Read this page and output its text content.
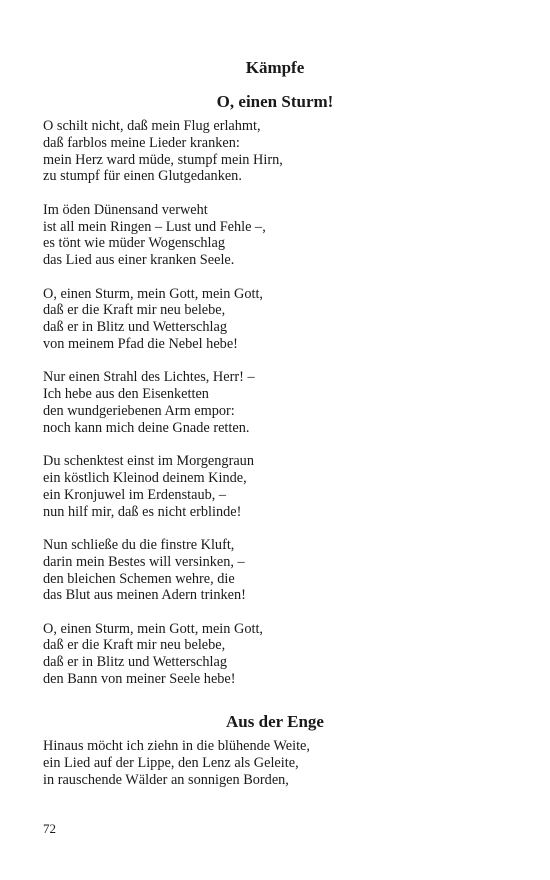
Kämpfe
O, einen Sturm!

O schilt nicht, daß mein Flug erlahmt,
daß farblos meine Lieder kranken:
mein Herz ward müde, stumpf mein Hirn,
zu stumpf für einen Glutgedanken.

Im öden Dünensand verweht
ist all mein Ringen – Lust und Fehle –,
es tönt wie müder Wogenschlag
das Lied aus einer kranken Seele.

O, einen Sturm, mein Gott, mein Gott,
daß er die Kraft mir neu belebe,
daß er in Blitz und Wetterschlag
von meinem Pfad die Nebel hebe!

Nur einen Strahl des Lichtes, Herr! –
Ich hebe aus den Eisenketten
den wundgeriebenen Arm empor:
noch kann mich deine Gnade retten.

Du schenktest einst im Morgengraun
ein köstlich Kleinod deinem Kinde,
ein Kronjuwel im Erdenstaub, –
nun hilf mir, daß es nicht erblinde!

Nun schließe du die finstre Kluft,
darin mein Bestes will versinken, –
den bleichen Schemen wehre, die
das Blut aus meinen Adern trinken!

O, einen Sturm, mein Gott, mein Gott,
daß er die Kraft mir neu belebe,
daß er in Blitz und Wetterschlag
den Bann von meiner Seele hebe!

Aus der Enge

Hinaus möcht ich ziehn in die blühende Weite,
ein Lied auf der Lippe, den Lenz als Geleite,
in rauschende Wälder an sonnigen Borden,

72
